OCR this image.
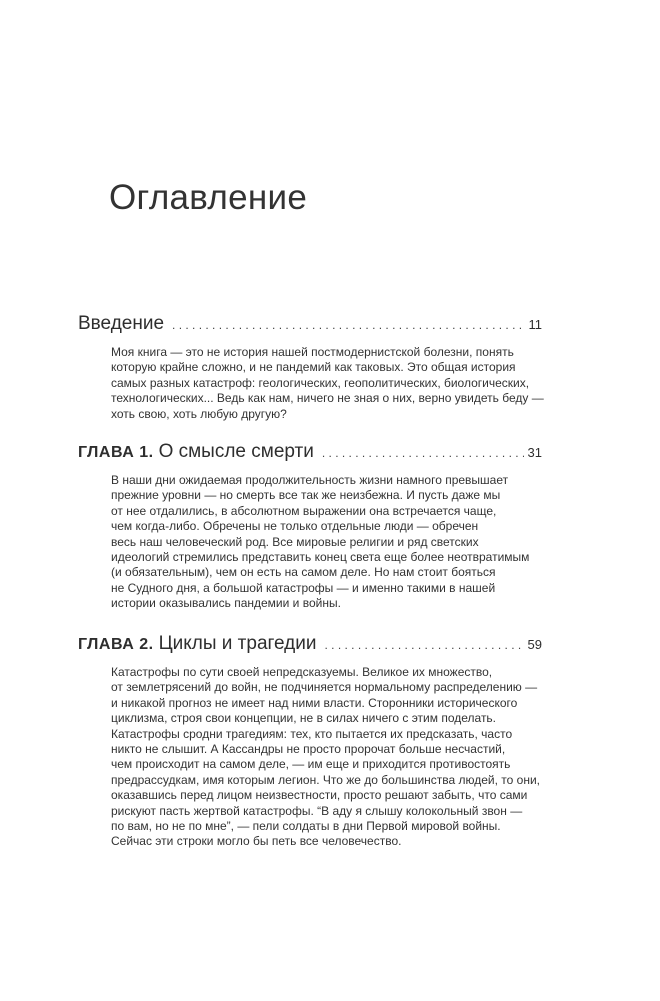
Оглавление
Введение . . .	11
Моя книга — это не история нашей постмодернистской болезни, понять
которую крайне сложно, и не пандемий как таковых. Это общая история
самых разных катастроф: геологических, геополитических, биологических,
технологических... Ведь как нам, ничего не зная о них, верно увидеть беду —
хоть свою, хоть любую другую?
ГЛАВА 1. О смысле смерти . . .	31
В наши дни ожидаемая продолжительность жизни намного превышает
прежние уровни — но смерть все так же неизбежна. И пусть даже мы
от нее отдалились, в абсолютном выражении она встречается чаще,
чем когда-либо. Обречены не только отдельные люди — обречен
весь наш человеческий род. Все мировые религии и ряд светских
идеологий стремились представить конец света еще более неотвратимым
(и обязательным), чем он есть на самом деле. Но нам стоит бояться
не Судного дня, а большой катастрофы — и именно такими в нашей
истории оказывались пандемии и войны.
ГЛАВА 2. Циклы и трагедии . . .	59
Катастрофы по сути своей непредсказуемы. Великое их множество,
от землетрясений до войн, не подчиняется нормальному распределению —
и никакой прогноз не имеет над ними власти. Сторонники исторического
циклизма, строя свои концепции, не в силах ничего с этим поделать.
Катастрофы сродни трагедиям: тех, кто пытается их предсказать, часто
никто не слышит. А Кассандры не просто пророчат больше несчастий,
чем происходит на самом деле, — им еще и приходится противостоять
предрассудкам, имя которым легион. Что же до большинства людей, то они,
оказавшись перед лицом неизвестности, просто решают забыть, что сами
рискуют пасть жертвой катастрофы. “В аду я слышу колокольный звон —
по вам, но не по мне”, — пели солдаты в дни Первой мировой войны.
Сейчас эти строки могло бы петь все человечество.
